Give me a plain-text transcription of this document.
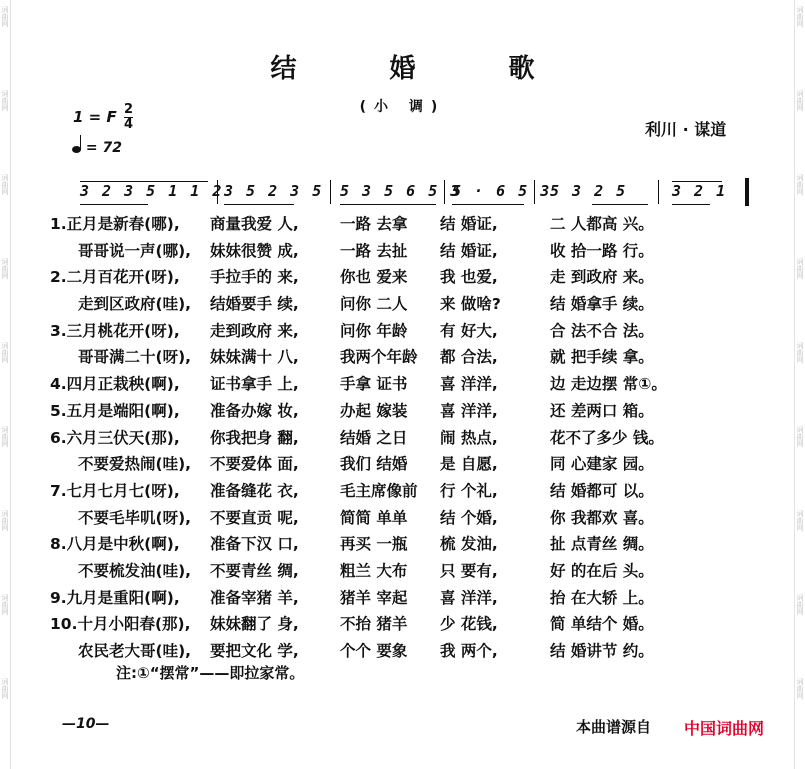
词曲网
词曲网
词曲网
词曲网
词曲网
词曲网
词曲网
词曲网
词曲网
词曲网
词曲网
词曲网
词曲网
词曲网
词曲网
词曲网
词曲网
词曲网
结 婚 歌
(小 调)
1 = F $\frac{2}{4}$
= 72
利川 · 谋道
3 2 3 5 1 1 2 3 5 2 3 5 5 3 5 6 5 3
5 · 6 5 3
5 3 2 5	3 2 1
1.正月是新春(哪), 商量我爱 人,	一路 去拿 结 婚证,	二 人都高 兴。
哥哥说一声(哪), 妹妹很赞 成,	一路 去扯 结 婚证,	收 拾一路 行。
2.二月百花开(呀), 手拉手的 来,	你也 爱来 我 也爱,	走 到政府 来。
走到区政府(哇), 结婚要手 续,	问你 二人 来 做啥?	结 婚拿手 续。
3.三月桃花开(呀), 走到政府 来,	问你 年龄 有 好大,	合 法不合 法。
哥哥满二十(呀), 妹妹满十 八,	我两个年龄 都 合法,	就 把手续 拿。
4.四月正栽秧(啊), 证书拿手 上,	手拿 证书 喜 洋洋,	边 走边摆 常①。
5.五月是端阳(啊), 准备办嫁 妆,	办起 嫁装 喜 洋洋,	还 差两口 箱。
6.六月三伏天(那), 你我把身 翻,	结婚 之日 闹 热点,	花不了多少 钱。
不要爱热闹(哇), 不要爱体 面,	我们 结婚 是 自愿,	同 心建家 园。
7.七月七月七(呀), 准备缝花 衣,	毛主席像前 行 个礼,	结 婚都可 以。
不要毛毕叽(呀), 不要直贡 呢,	简简 单单 结 个婚,	你 我都欢 喜。
8.八月是中秋(啊), 准备下汉 口,	再买 一瓶 梳 发油,	扯 点青丝 绸。
不要梳发油(哇), 不要青丝 绸,	粗兰 大布 只 要有,	好 的在后 头。
9.九月是重阳(啊), 准备宰猪 羊,	猪羊 宰起 喜 洋洋,	抬 在大轿 上。
10.十月小阳春(那), 妹妹翻了 身,	不抬 猪羊 少 花钱,	简 单结个 婚。
农民老大哥(哇), 要把文化 学,	个个 要象 我 两个,	结 婚讲节 约。
注:①“摆常”——即拉家常。
—10—	本曲谱源自 中国词曲网
